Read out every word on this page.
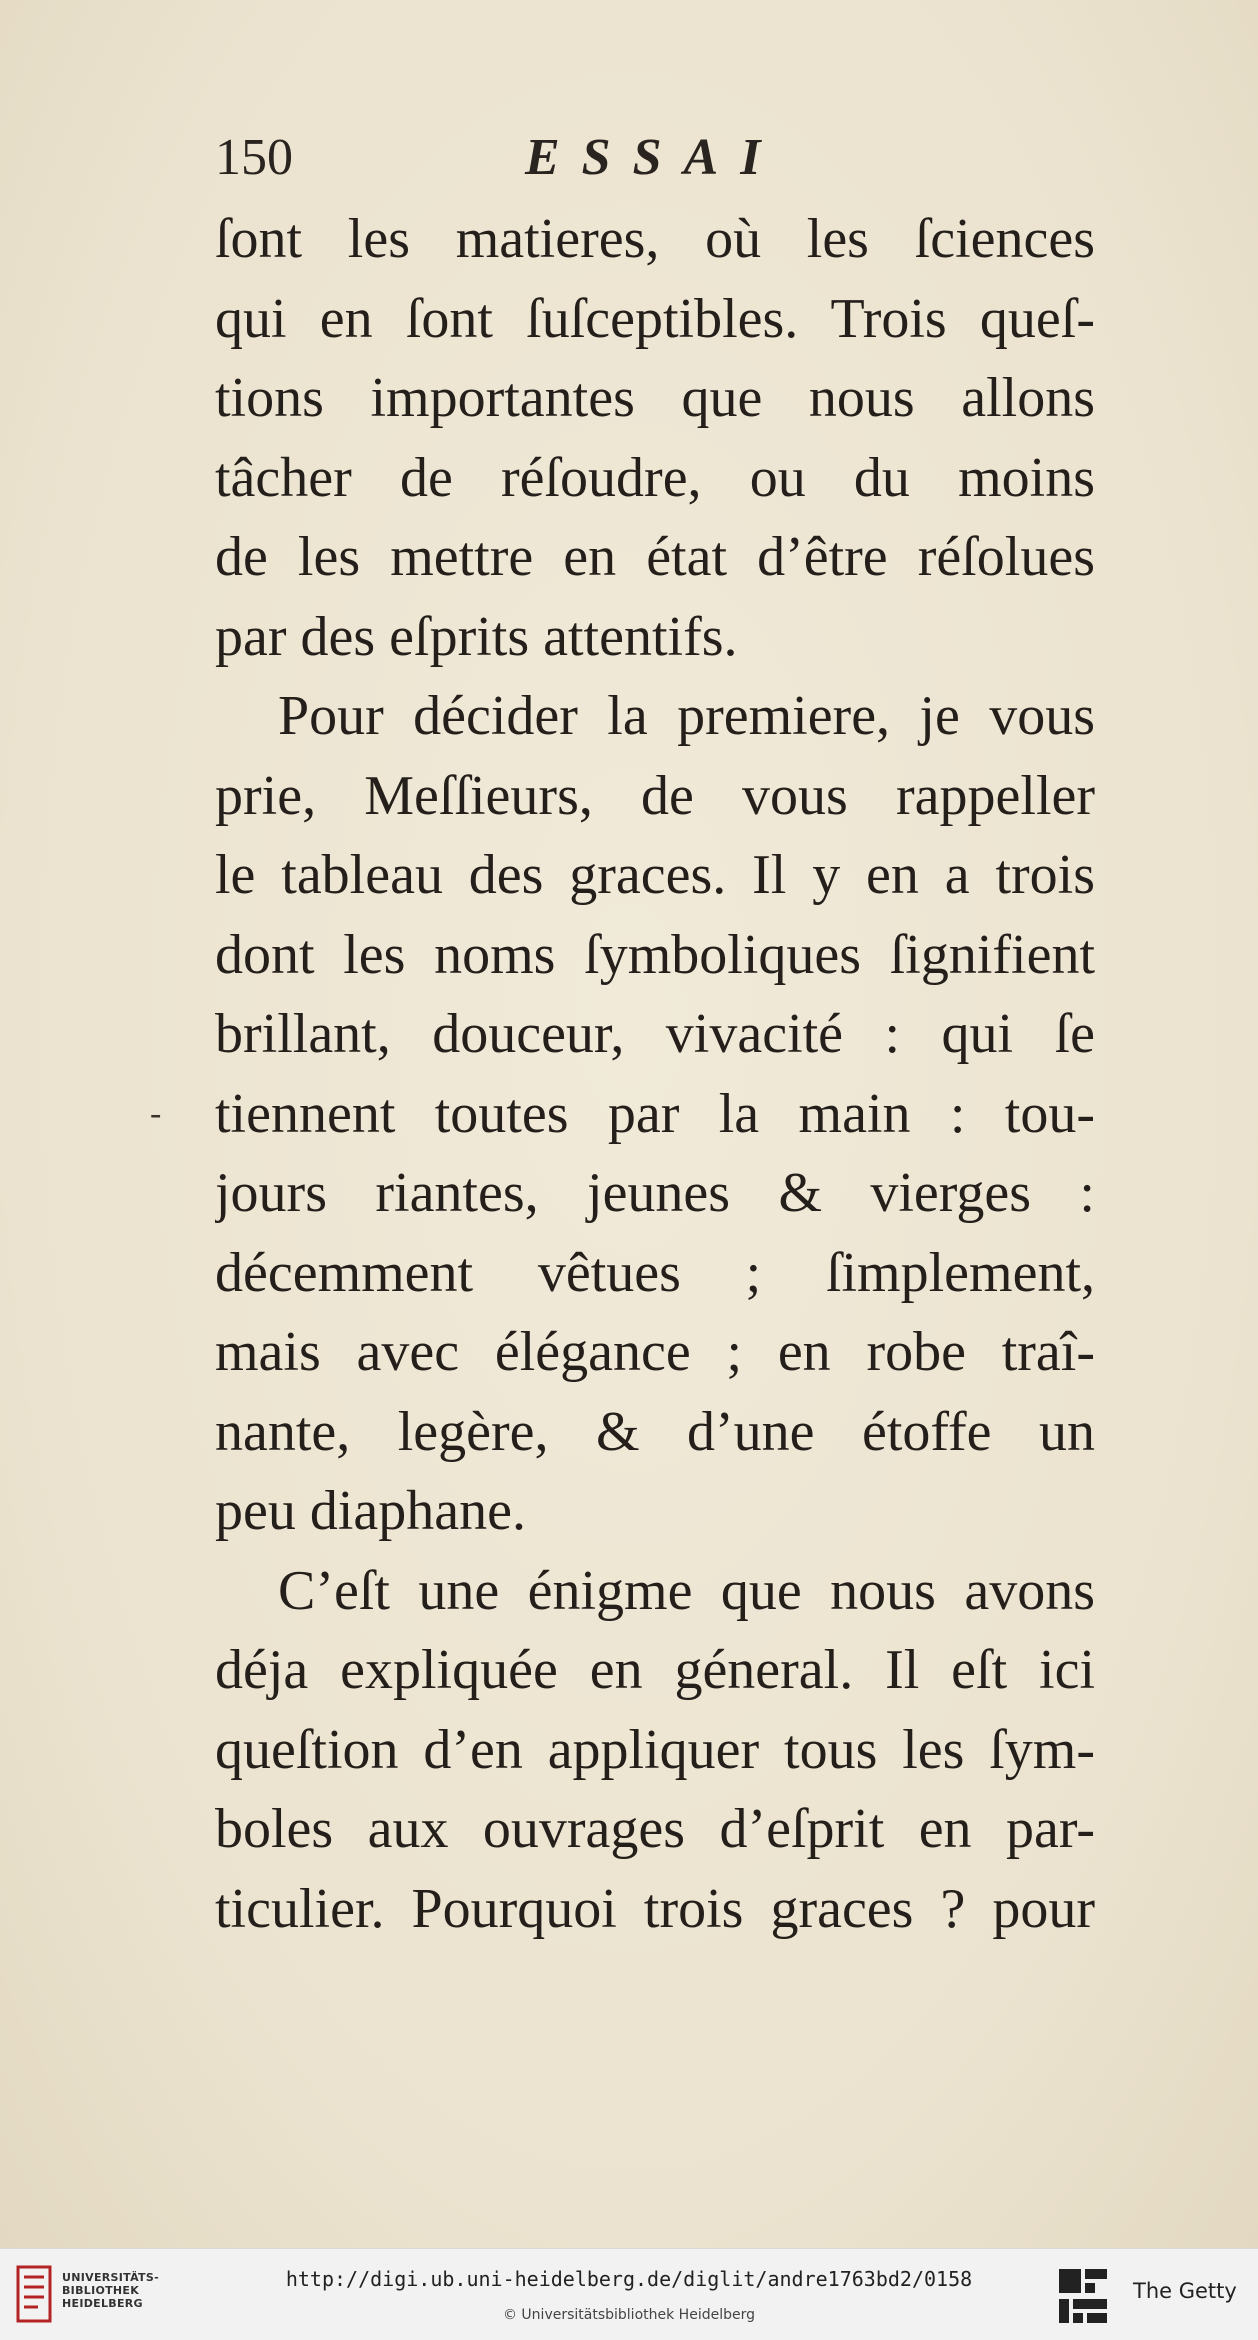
150	ESSAI
ſont les matieres, où les ſciences
qui en ſont ſuſceptibles. Trois queſ-
tions importantes que nous allons
tâcher de réſoudre, ou du moins
de les mettre en état d’être réſolues
par des eſprits attentifs.
Pour décider la premiere, je vous
prie, Meſſieurs, de vous rappeller
le tableau des graces. Il y en a trois
dont les noms ſymboliques ſignifient
brillant, douceur, vivacité : qui ſe
tiennent toutes par la main : tou-
jours riantes, jeunes & vierges :
décemment vêtues ; ſimplement,
mais avec élégance ; en robe traî-
nante, legère, & d’une étoffe un
peu diaphane.
C’eſt une énigme que nous avons
déja expliquée en géneral. Il eſt ici
queſtion d’en appliquer tous les ſym-
boles aux ouvrages d’eſprit en par-
ticulier. Pourquoi trois graces ? pour
-
UNIVERSITÄTS-
BIBLIOTHEK
HEIDELBERG
http://digi.ub.uni-heidelberg.de/diglit/andre1763bd2/0158
© Universitätsbibliothek Heidelberg
The Getty
